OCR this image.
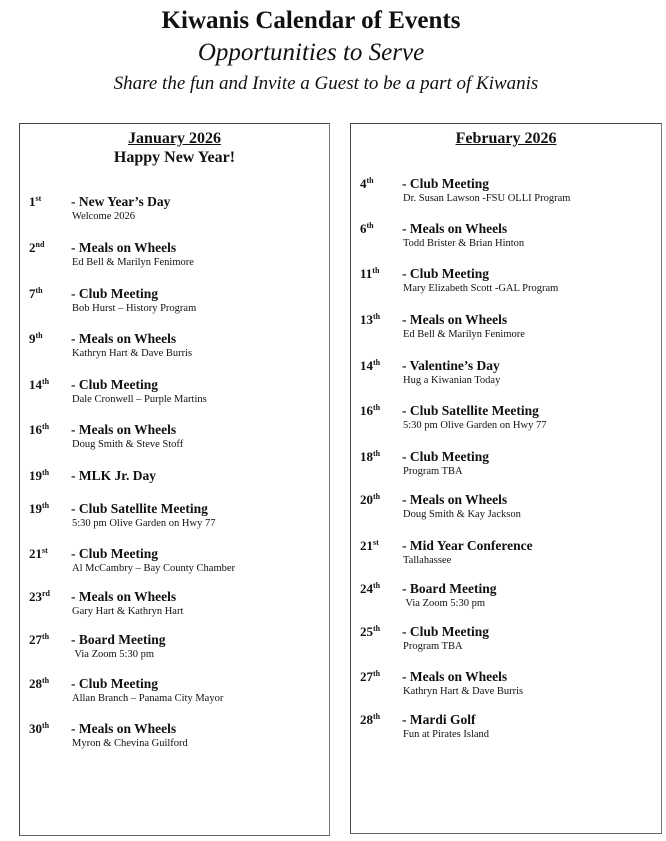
Kiwanis Calendar of Events
Opportunities to Serve
Share the fun and Invite a Guest to be a part of Kiwanis
January 2026
Happy New Year!
1st - New Year’s Day
Welcome 2026
2nd - Meals on Wheels
Ed Bell & Marilyn Fenimore
7th - Club Meeting
Bob Hurst – History Program
9th - Meals on Wheels
Kathryn Hart & Dave Burris
14th - Club Meeting
Dale Cronwell – Purple Martins
16th - Meals on Wheels
Doug Smith & Steve Stoff
19th - MLK Jr. Day
19th - Club Satellite Meeting
5:30 pm Olive Garden on Hwy 77
21st - Club Meeting
Al McCambry – Bay County Chamber
23rd - Meals on Wheels
Gary Hart & Kathryn Hart
27th - Board Meeting
Via Zoom 5:30 pm
28th - Club Meeting
Allan Branch – Panama City Mayor
30th - Meals on Wheels
Myron & Chevina Guilford
February 2026
4th - Club Meeting
Dr. Susan Lawson -FSU OLLI Program
6th - Meals on Wheels
Todd Brister & Brian Hinton
11th - Club Meeting
Mary Elizabeth Scott -GAL Program
13th - Meals on Wheels
Ed Bell & Marilyn Fenimore
14th - Valentine’s Day
Hug a Kiwanian Today
16th - Club Satellite Meeting
5:30 pm Olive Garden on Hwy 77
18th - Club Meeting
Program TBA
20th - Meals on Wheels
Doug Smith & Kay Jackson
21st - Mid Year Conference
Tallahassee
24th - Board Meeting
Via Zoom 5:30 pm
25th - Club Meeting
Program TBA
27th - Meals on Wheels
Kathryn Hart & Dave Burris
28th - Mardi Golf
Fun at Pirates Island
